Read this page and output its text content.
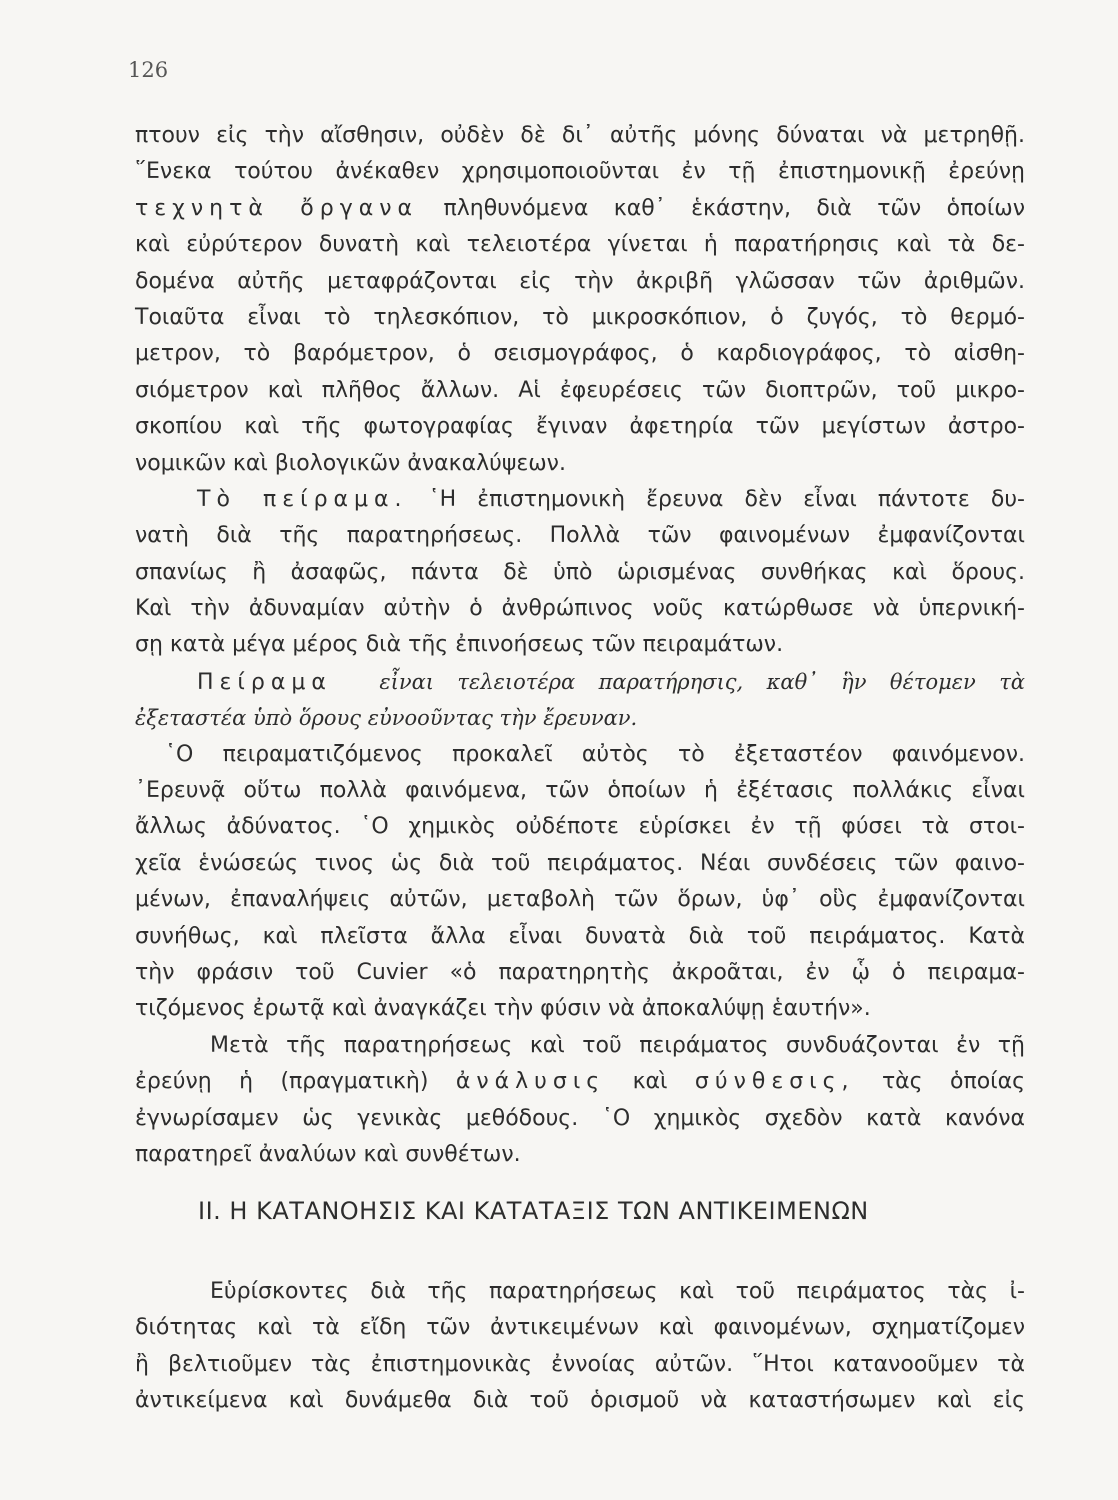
126
πτουν εἰς τὴν αἴσθησιν, οὐδὲν δὲ δι᾽ αὐτῆς μόνης δύναται νὰ μετρηθῇ.
῞Ενεκα τούτου ἀνέκαθεν χρησιμοποιοῦνται ἐν τῇ ἐπιστημονικῇ ἐρεύνῃ
τεχνητὰ ὄργανα πληθυνόμενα καθ᾽ ἑκάστην, διὰ τῶν ὁποίων
καὶ εὐρύτερον δυνατὴ καὶ τελειοτέρα γίνεται ἡ παρατήρησις καὶ τὰ δε-
δομένα αὐτῆς μεταφράζονται εἰς τὴν ἀκριβῆ γλῶσσαν τῶν ἀριθμῶν.
Τοιαῦτα εἶναι τὸ τηλεσκόπιον, τὸ μικροσκόπιον, ὁ ζυγός, τὸ θερμό-
μετρον, τὸ βαρόμετρον, ὁ σεισμογράφος, ὁ καρδιογράφος, τὸ αἰσθη-
σιόμετρον καὶ πλῆθος ἄλλων. Αἱ ἐφευρέσεις τῶν διοπτρῶν, τοῦ μικρο-
σκοπίου καὶ τῆς φωτογραφίας ἔγιναν ἀφετηρία τῶν μεγίστων ἀστρο-
νομικῶν καὶ βιολογικῶν ἀνακαλύψεων.
Τὸ πείραμα. ῾Η ἐπιστημονικὴ ἔρευνα δὲν εἶναι πάντοτε δυ-
νατὴ διὰ τῆς παρατηρήσεως. Πολλὰ τῶν φαινομένων ἐμφανίζονται
σπανίως ἢ ἀσαφῶς, πάντα δὲ ὑπὸ ὡρισμένας συνθήκας καὶ ὅρους.
Καὶ τὴν ἀδυναμίαν αὐτὴν ὁ ἀνθρώπινος νοῦς κατώρθωσε νὰ ὑπερνική-
σῃ κατὰ μέγα μέρος διὰ τῆς ἐπινοήσεως τῶν πειραμάτων.
Πείραμα εἶναι τελειοτέρα παρατήρησις, καθ᾽ ἣν θέτομεν τὰ
ἐξεταστέα ὑπὸ ὅρους εὐνοοῦντας τὴν ἔρευναν.
῾Ο πειραματιζόμενος προκαλεῖ αὐτὸς τὸ ἐξεταστέον φαινόμενον.
᾿Ερευνᾷ οὕτω πολλὰ φαινόμενα, τῶν ὁποίων ἡ ἐξέτασις πολλάκις εἶναι
ἄλλως ἀδύνατος. ῾Ο χημικὸς οὐδέποτε εὑρίσκει ἐν τῇ φύσει τὰ στοι-
χεῖα ἑνώσεώς τινος ὡς διὰ τοῦ πειράματος. Νέαι συνδέσεις τῶν φαινο-
μένων, ἐπαναλήψεις αὐτῶν, μεταβολὴ τῶν ὅρων, ὑφ᾽ οὓς ἐμφανίζονται
συνήθως, καὶ πλεῖστα ἄλλα εἶναι δυνατὰ διὰ τοῦ πειράματος. Κατὰ
τὴν φράσιν τοῦ Cuvier «ὁ παρατηρητὴς ἀκροᾶται, ἐν ᾧ ὁ πειραμα-
τιζόμενος ἐρωτᾷ καὶ ἀναγκάζει τὴν φύσιν νὰ ἀποκαλύψῃ ἑαυτήν».
Μετὰ τῆς παρατηρήσεως καὶ τοῦ πειράματος συνδυάζονται ἐν τῇ
ἐρεύνῃ ἡ (πραγματικὴ) ἀνάλυσις καὶ σύνθεσις, τὰς ὁποίας
ἐγνωρίσαμεν ὡς γενικὰς μεθόδους. ῾Ο χημικὸς σχεδὸν κατὰ κανόνα
παρατηρεῖ ἀναλύων καὶ συνθέτων.
ΙΙ. Η ΚΑΤΑΝΟΗΣΙΣ ΚΑΙ ΚΑΤΑΤΑΞΙΣ ΤΩΝ ΑΝΤΙΚΕΙΜΕΝΩΝ
Εὑρίσκοντες διὰ τῆς παρατηρήσεως καὶ τοῦ πειράματος τὰς ἰ-
διότητας καὶ τὰ εἴδη τῶν ἀντικειμένων καὶ φαινομένων, σχηματίζομεν
ἢ βελτιοῦμεν τὰς ἐπιστημονικὰς ἐννοίας αὐτῶν. ῞Ητοι κατανοοῦμεν τὰ
ἀντικείμενα καὶ δυνάμεθα διὰ τοῦ ὁρισμοῦ νὰ καταστήσωμεν καὶ εἰς
